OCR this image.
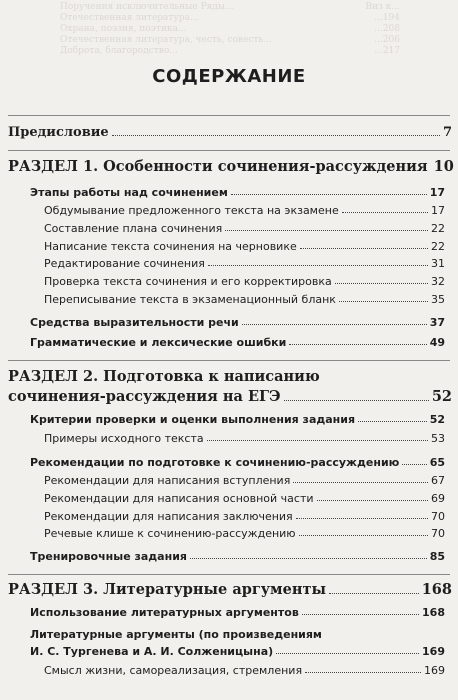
Поручения исключительные Ряды...	Виз к...
Отечественная литература...	...194
Охрана, поэзия, поэтика...	...208
Отечественная литература, честь, совесть...	...206
Доброта, благородство...	...217
СОДЕРЖАНИЕ
Предисловие	7
РАЗДЕЛ 1. Особенности сочинения-рассуждения 10
Этапы работы над сочинением	17
Обдумывание предложенного текста на экзамене	17
Составление плана сочинения	22
Написание текста сочинения на черновике	22
Редактирование сочинения	31
Проверка текста сочинения и его корректировка	32
Переписывание текста в экзаменационный бланк	35
Средства выразительности речи	37
Грамматические и лексические ошибки	49
РАЗДЕЛ 2. Подготовка к написанию
сочинения-рассуждения на ЕГЭ	52
Критерии проверки и оценки выполнения задания	52
Примеры исходного текста	53
Рекомендации по подготовке к сочинению-рассуждению	65
Рекомендации для написания вступления	67
Рекомендации для написания основной части	69
Рекомендации для написания заключения	70
Речевые клише к сочинению-рассуждению	70
Тренировочные задания	85
РАЗДЕЛ 3. Литературные аргументы	168
Использование литературных аргументов	168
Литературные аргументы (по произведениям
И. С. Тургенева и А. И. Солженицына)	169
Смысл жизни, самореализация, стремления	169
